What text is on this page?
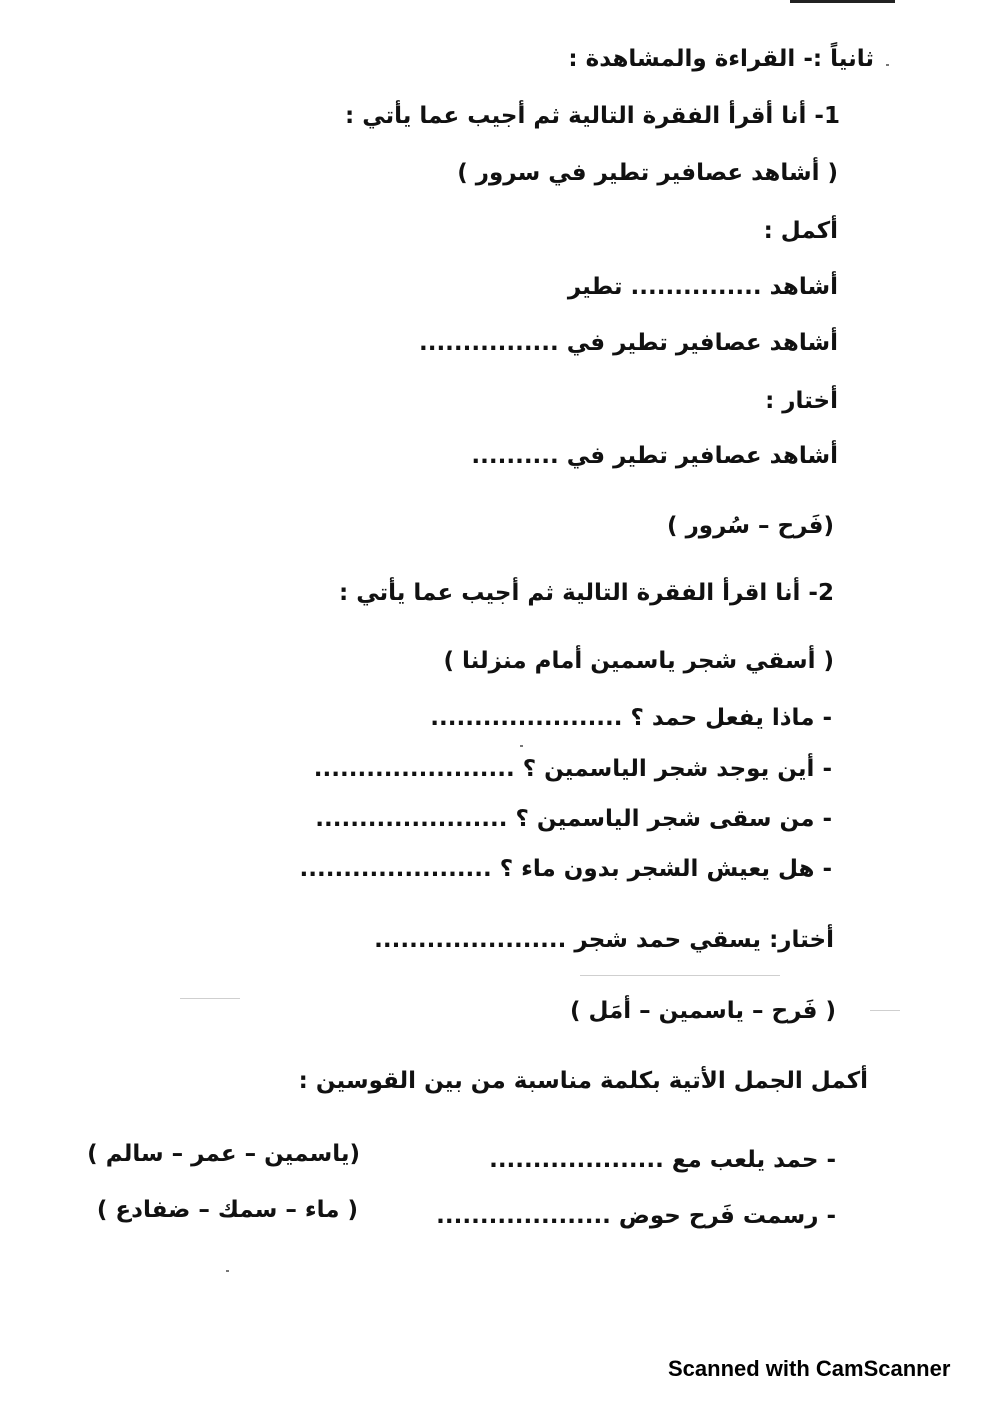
ثانياً :- القراءة والمشاهدة :
1- أنا أقرأ الفقرة التالية ثم أجيب عما يأتي :
( أشاهد عصافير تطير في سرور )
أكمل :
أشاهد ............... تطير
أشاهد عصافير تطير في ................
أختار :
أشاهد عصافير تطير في ..........
(فَرح – سُرور )
2- أنا اقرأ الفقرة التالية ثم أجيب عما يأتي :
( أسقي شجر ياسمين أمام منزلنا )
- ماذا يفعل حمد ؟ ......................
- أين يوجد شجر الياسمين ؟ .......................
- من سقى شجر الياسمين ؟ ......................
- هل يعيش الشجر بدون ماء ؟ ......................
أختار: يسقي حمد شجر ......................
( فَرح – ياسمين – أمَل )
أكمل الجمل الأتية بكلمة مناسبة من بين القوسين :
- حمد يلعب مع ....................
(ياسمين – عمر – سالم )
- رسمت فَرح حوض ....................
( ماء – سمك – ضفادع )
Scanned with CamScanner
